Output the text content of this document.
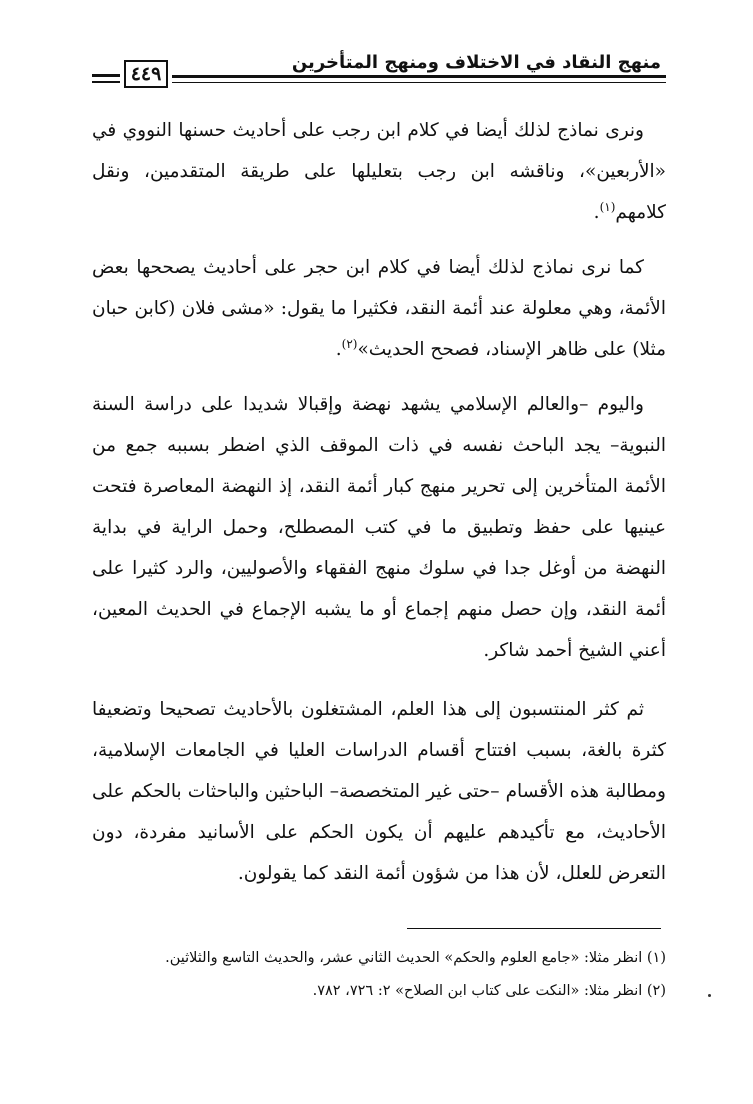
منهج النقاد في الاختلاف ومنهج المتأخرين
٤٤٩

ونرى نماذج لذلك أيضا في كلام ابن رجب على أحاديث حسنها النووي في «الأربعين»، وناقشه ابن رجب بتعليلها على طريقة المتقدمين، ونقل كلامهم$^{(١)}$.

كما نرى نماذج لذلك أيضا في كلام ابن حجر على أحاديث يصححها بعض الأئمة، وهي معلولة عند أئمة النقد، فكثيرا ما يقول: «مشى فلان (كابن حبان مثلا) على ظاهر الإسناد، فصحح الحديث»$^{(٢)}$.

واليوم –والعالم الإسلامي يشهد نهضة وإقبالا شديدا على دراسة السنة النبوية– يجد الباحث نفسه في ذات الموقف الذي اضطر بسببه جمع من الأئمة المتأخرين إلى تحرير منهج كبار أئمة النقد، إذ النهضة المعاصرة فتحت عينيها على حفظ وتطبيق ما في كتب المصطلح، وحمل الراية في بداية النهضة من أوغل جدا في سلوك منهج الفقهاء والأصوليين، والرد كثيرا على أئمة النقد، وإن حصل منهم إجماع أو ما يشبه الإجماع في الحديث المعين، أعني الشيخ أحمد شاكر.

ثم كثر المنتسبون إلى هذا العلم، المشتغلون بالأحاديث تصحيحا وتضعيفا كثرة بالغة، بسبب افتتاح أقسام الدراسات العليا في الجامعات الإسلامية، ومطالبة هذه الأقسام –حتى غير المتخصصة– الباحثين والباحثات بالحكم على الأحاديث، مع تأكيدهم عليهم أن يكون الحكم على الأسانيد مفردة، دون التعرض للعلل، لأن هذا من شؤون أئمة النقد كما يقولون.

(١) انظر مثلا: «جامع العلوم والحكم» الحديث الثاني عشر، والحديث التاسع والثلاثين.
(٢) انظر مثلا: «النكت على كتاب ابن الصلاح» ٢: ٧٢٦، ٧٨٢.
